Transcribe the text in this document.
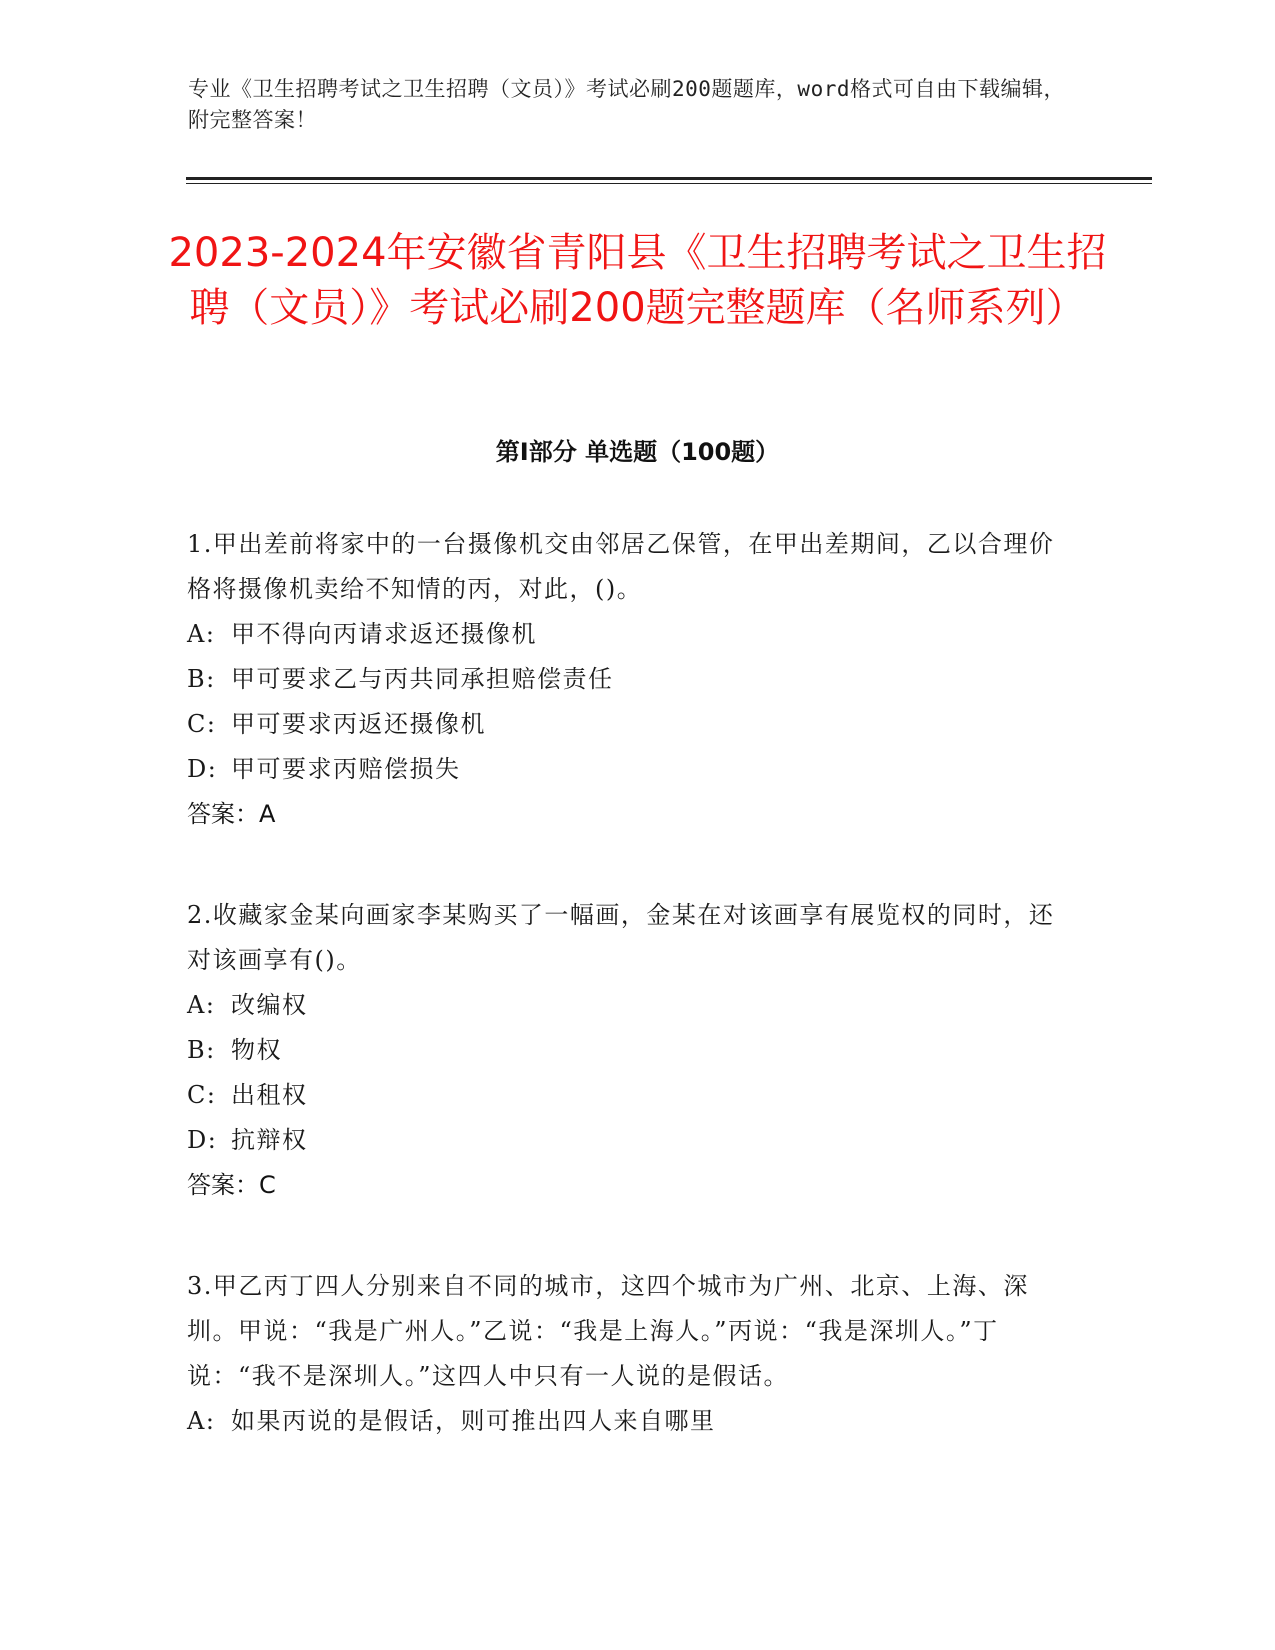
专业《卫生招聘考试之卫生招聘（文员）》考试必刷200题题库，word格式可自由下载编辑，附完整答案！
2023-2024年安徽省青阳县《卫生招聘考试之卫生招聘（文员）》考试必刷200题完整题库（名师系列）
第Ⅰ部分 单选题（100题）

1.甲出差前将家中的一台摄像机交由邻居乙保管，在甲出差期间，乙以合理价格将摄像机卖给不知情的丙，对此，()。

A: 甲不得向丙请求返还摄像机
B: 甲可要求乙与丙共同承担赔偿责任
C: 甲可要求丙返还摄像机
D: 甲可要求丙赔偿损失

答案：A

2.收藏家金某向画家李某购买了一幅画，金某在对该画享有展览权的同时，还对该画享有()。

A: 改编权
B: 物权
C: 出租权
D: 抗辩权

答案：C

3.甲乙丙丁四人分别来自不同的城市，这四个城市为广州、北京、上海、深圳。甲说：“我是广州人。”乙说：“我是上海人。”丙说：“我是深圳人。”丁说：“我不是深圳人。”这四人中只有一人说的是假话。

A: 如果丙说的是假话，则可推出四人来自哪里
